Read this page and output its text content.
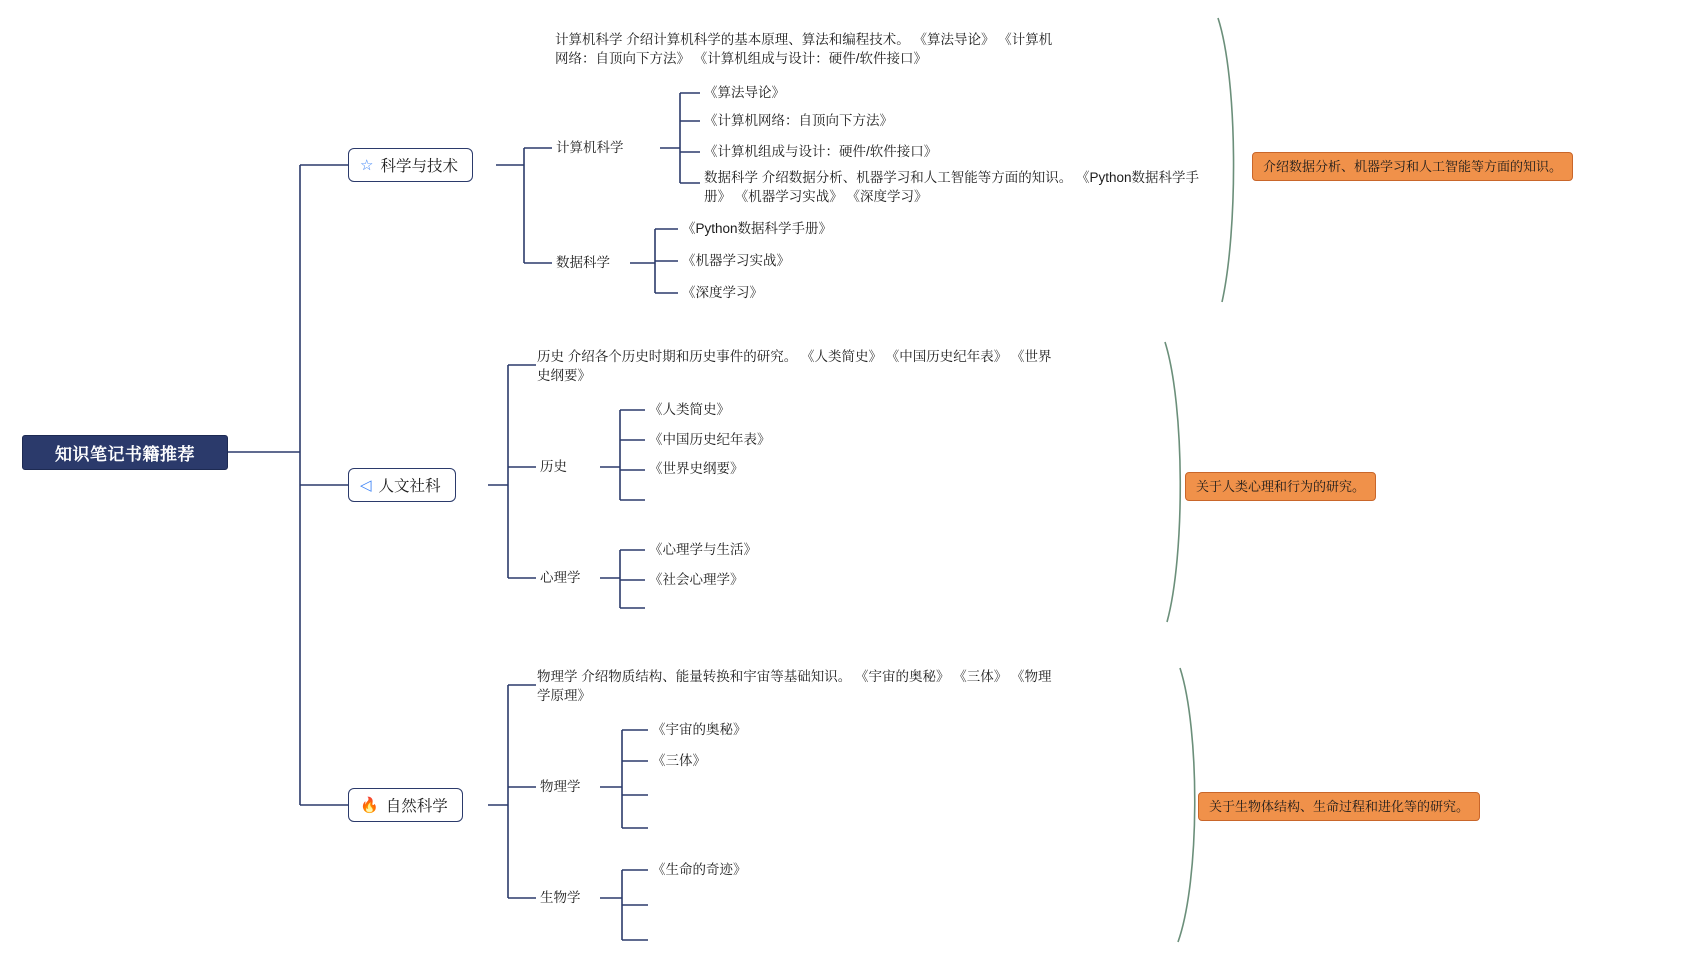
知识笔记书籍推荐
☆ 科学与技术
计算机科学
计算机科学 介绍计算机科学的基本原理、算法和编程技术。 《算法导论》 《计算机网络：自顶向下方法》 《计算机组成与设计：硬件/软件接口》
《算法导论》
《计算机网络：自顶向下方法》
《计算机组成与设计：硬件/软件接口》
数据科学 介绍数据分析、机器学习和人工智能等方面的知识。 《Python数据科学手册》 《机器学习实战》 《深度学习》
数据科学
《Python数据科学手册》
《机器学习实战》
《深度学习》
介绍数据分析、机器学习和人工智能等方面的知识。
◁ 人文社科
历史 介绍各个历史时期和历史事件的研究。 《人类简史》 《中国历史纪年表》 《世界史纲要》
历史
《人类简史》
《中国历史纪年表》
《世界史纲要》
心理学
《心理学与生活》
《社会心理学》
关于人类心理和行为的研究。
🔥 自然科学
物理学 介绍物质结构、能量转换和宇宙等基础知识。 《宇宙的奥秘》 《三体》 《物理学原理》
物理学
《宇宙的奥秘》
《三体》
生物学
《生命的奇迹》
关于生物体结构、生命过程和进化等的研究。
